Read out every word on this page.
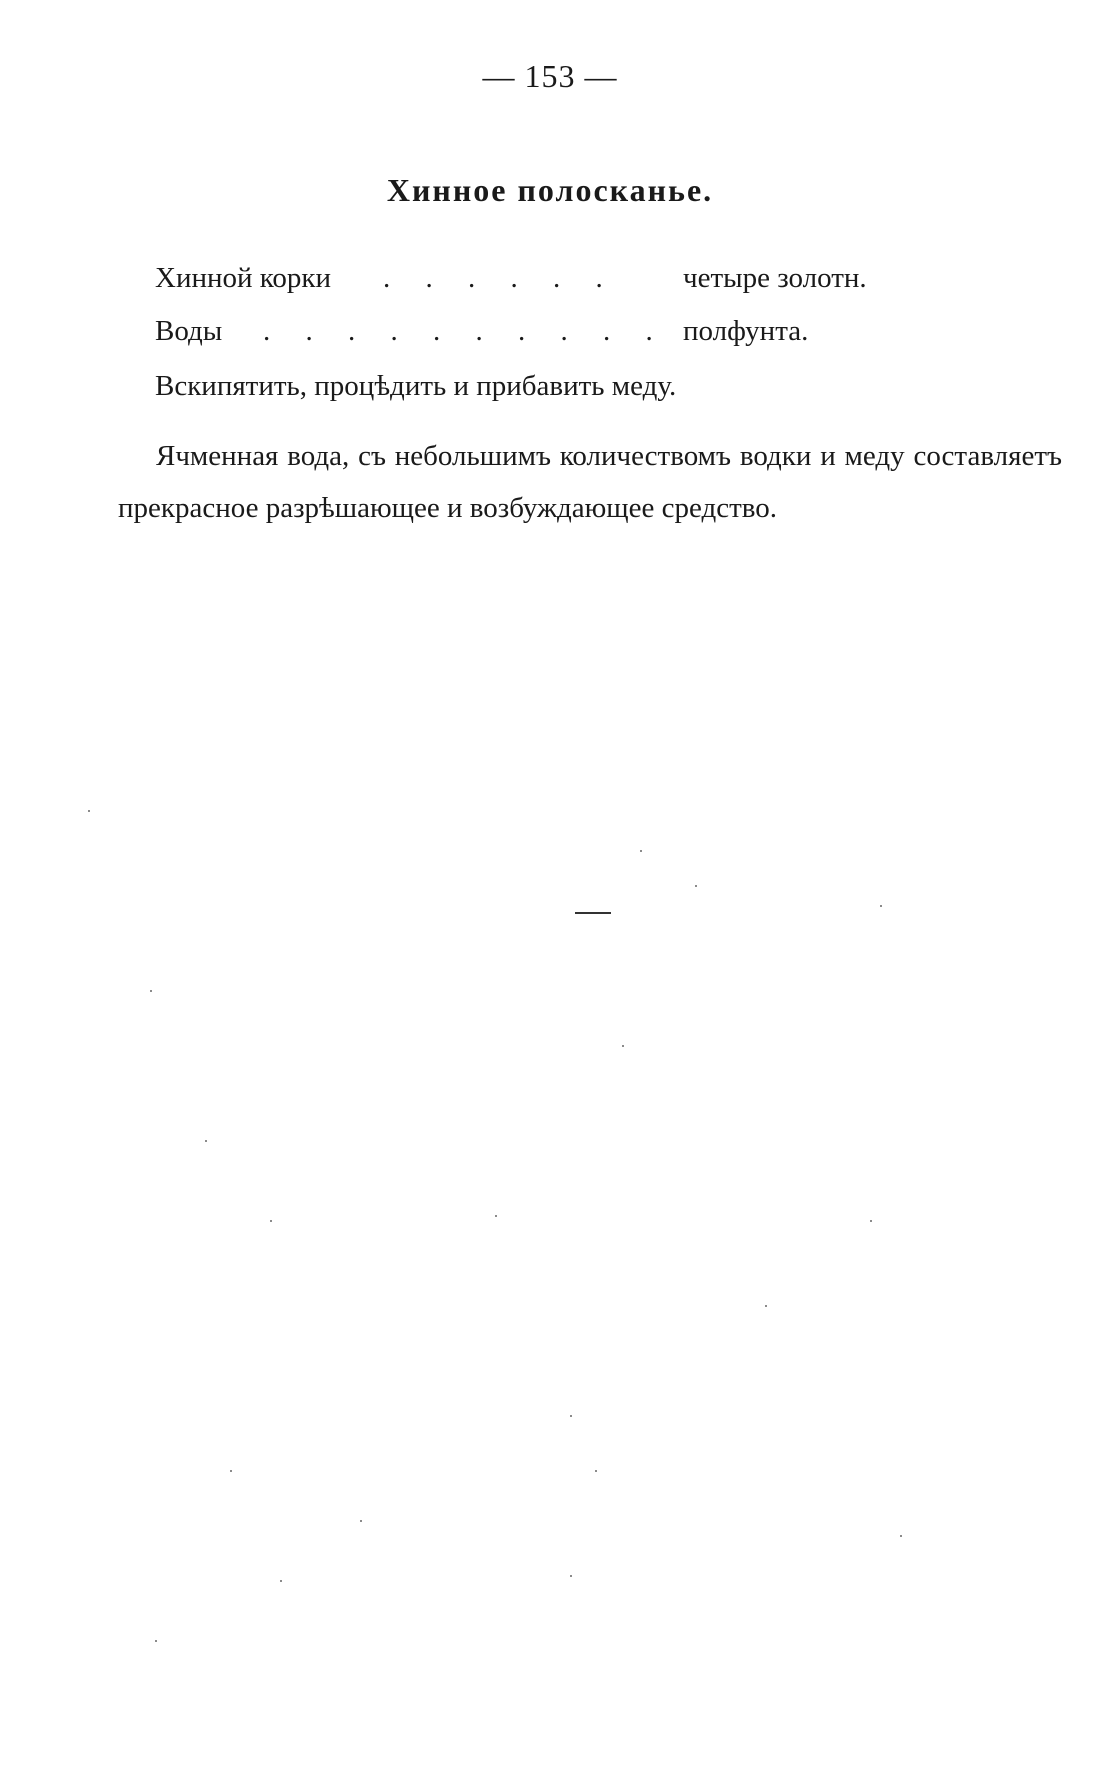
— 153 —
Хинное полосканье.
Хинной корки . . . . . . четыре золотн.
Воды . . . . . . . . . . полфунта.
Вскипятить, процѣдить и прибавить меду.
Ячменная вода, съ небольшимъ количествомъ водки и меду составляетъ прекрасное разрѣшающее и возбуждающее средство.
